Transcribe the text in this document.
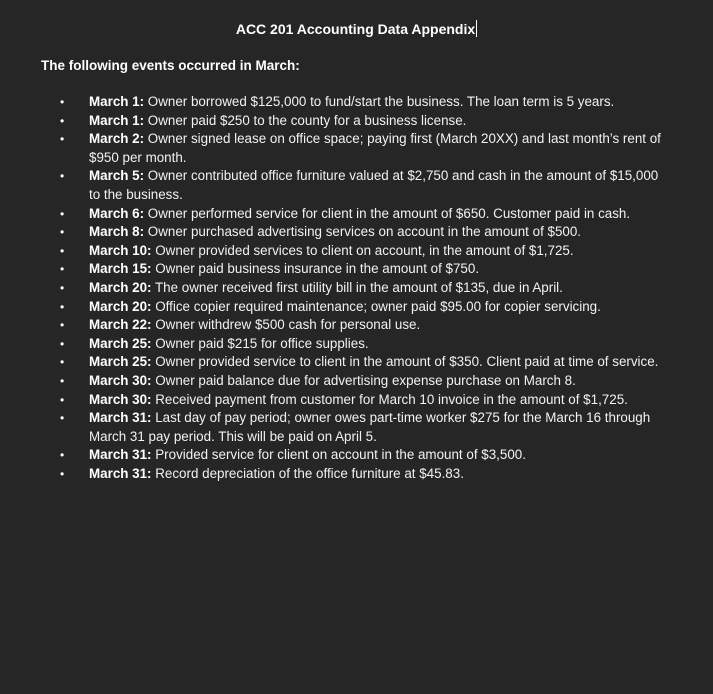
ACC 201 Accounting Data Appendix
The following events occurred in March:
•	March 1: Owner borrowed $125,000 to fund/start the business. The loan term is 5 years.
•	March 1: Owner paid $250 to the county for a business license.
•	March 2: Owner signed lease on office space; paying first (March 20XX) and last month’s rent of $950 per month.
•	March 5: Owner contributed office furniture valued at $2,750 and cash in the amount of $15,000 to the business.
•	March 6: Owner performed service for client in the amount of $650. Customer paid in cash.
•	March 8: Owner purchased advertising services on account in the amount of $500.
•	March 10: Owner provided services to client on account, in the amount of $1,725.
•	March 15: Owner paid business insurance in the amount of $750.
•	March 20: The owner received first utility bill in the amount of $135, due in April.
•	March 20: Office copier required maintenance; owner paid $95.00 for copier servicing.
•	March 22: Owner withdrew $500 cash for personal use.
•	March 25: Owner paid $215 for office supplies.
•	March 25: Owner provided service to client in the amount of $350. Client paid at time of service.
•	March 30: Owner paid balance due for advertising expense purchase on March 8.
•	March 30: Received payment from customer for March 10 invoice in the amount of $1,725.
•	March 31: Last day of pay period; owner owes part-time worker $275 for the March 16 through March 31 pay period. This will be paid on April 5.
•	March 31: Provided service for client on account in the amount of $3,500.
•	March 31: Record depreciation of the office furniture at $45.83.
